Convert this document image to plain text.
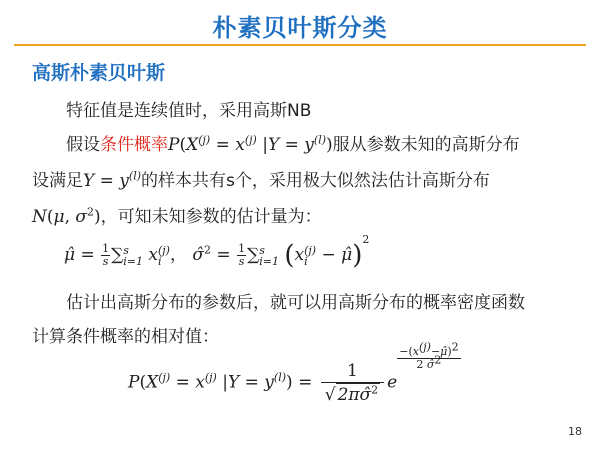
朴素贝叶斯分类
高斯朴素贝叶斯
特征值是连续值时，采用高斯NB
假设条件概率$P(X^{(j)} = x^{(j)}$ $|Y = y^{(l)}$)服从参数未知的高斯分布
设满足$Y = y^{(l)}$的样本共有s个，采用极大似然法估计高斯分布
N(μ, $\sigma^2$)，可知未知参数的估计量为：
μ̂ = $\frac{1}{s}$ ∑ s
i=1 x (j)
i ， σ̂$^2$ = $\frac{1}{s}$ ∑ s
i=1 (x (j)
i − μ̂)$^2$
估计出高斯分布的参数后，就可以用高斯分布的概率密度函数
计算条件概率的相对值：
$P(X^{(j)} = x^{(j)}$ $|Y = y^{(l)}) = \frac{1}{√ 2\pi\sigmâ^2}$ e
$\frac{-(x^{(j)}-\mû)^2}{2 \sigmâ^2}$
18
